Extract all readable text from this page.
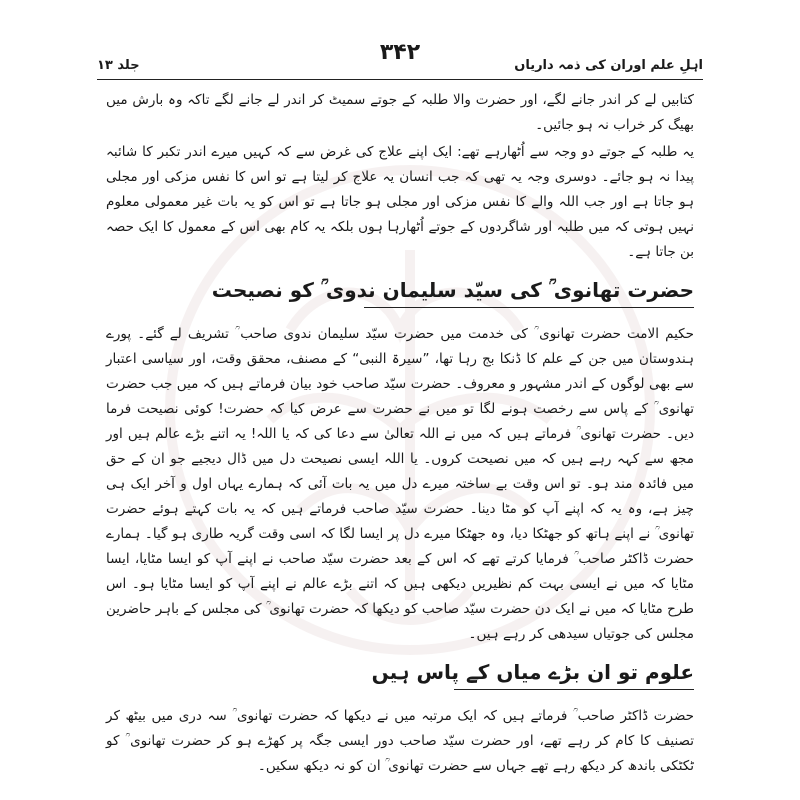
۳۴۲
اہلِ علم اوران کی ذمہ داریاں
جلد ۱۳

کتابیں لے کر اندر جانے لگے، اور حضرت والا طلبہ کے جوتے سمیٹ کر اندر لے جانے لگے تاکہ وہ بارش میں بھیگ کر خراب نہ ہو جائیں۔

یہ طلبہ کے جوتے دو وجہ سے اُٹھارہے تھے: ایک اپنے علاج کی غرض سے کہ کہیں میرے اندر تکبر کا شائبہ پیدا نہ ہو جائے۔ دوسری وجہ یہ تھی کہ جب انسان یہ علاج کر لیتا ہے تو اس کا نفس مزکی اور مجلی ہو جاتا ہے اور جب اللہ والے کا نفس مزکی اور مجلی ہو جاتا ہے تو اس کو یہ بات غیر معمولی معلوم نہیں ہوتی کہ میں طلبہ اور شاگردوں کے جوتے اُٹھارہا ہوں بلکہ یہ کام بھی اس کے معمول کا ایک حصہ بن جاتا ہے۔

حضرت تھانوی ؒ کی سیّد سلیمان ندوی ؒ کو نصیحت

حکیم الامت حضرت تھانوی ؒ کی خدمت میں حضرت سیّد سلیمان ندوی صاحب ؒ تشریف لے گئے۔ پورے ہندوستان میں جن کے علم کا ڈنکا بج رہا تھا، ”سیرۃ النبی“ کے مصنف، محقق وقت، اور سیاسی اعتبار سے بھی لوگوں کے اندر مشہور و معروف۔ حضرت سیّد صاحب خود بیان فرماتے ہیں کہ میں جب حضرت تھانوی ؒ کے پاس سے رخصت ہونے لگا تو میں نے حضرت سے عرض کیا کہ حضرت! کوئی نصیحت فرما دیں۔ حضرت تھانوی ؒ فرماتے ہیں کہ میں نے اللہ تعالیٰ سے دعا کی کہ یا اللہ! یہ اتنے بڑے عالم ہیں اور مجھ سے کہہ رہے ہیں کہ میں نصیحت کروں۔ یا اللہ ایسی نصیحت دل میں ڈال دیجیے جو ان کے حق میں فائدہ مند ہو۔ تو اس وقت بے ساختہ میرے دل میں یہ بات آئی کہ ہمارے یہاں اول و آخر ایک ہی چیز ہے، وہ یہ کہ اپنے آپ کو مٹا دینا۔ حضرت سیّد صاحب فرماتے ہیں کہ یہ بات کہتے ہوئے حضرت تھانوی ؒ نے اپنے ہاتھ کو جھٹکا دیا، وہ جھٹکا میرے دل پر ایسا لگا کہ اسی وقت گریہ طاری ہو گیا۔ ہمارے حضرت ڈاکٹر صاحب ؒ فرمایا کرتے تھے کہ اس کے بعد حضرت سیّد صاحب نے اپنے آپ کو ایسا مٹایا، ایسا مٹایا کہ میں نے ایسی بہت کم نظیریں دیکھی ہیں کہ اتنے بڑے عالم نے اپنے آپ کو ایسا مٹایا ہو۔ اس طرح مٹایا کہ میں نے ایک دن حضرت سیّد صاحب کو دیکھا کہ حضرت تھانوی ؒ کی مجلس کے باہر حاضرین مجلس کی جوتیاں سیدھی کر رہے ہیں۔

علوم تو ان بڑے میاں کے پاس ہیں

حضرت ڈاکٹر صاحب ؒ فرماتے ہیں کہ ایک مرتبہ میں نے دیکھا کہ حضرت تھانوی ؒ سہ دری میں بیٹھ کر تصنیف کا کام کر رہے تھے، اور حضرت سیّد صاحب دور ایسی جگہ پر کھڑے ہو کر حضرت تھانوی ؒ کو ٹکٹکی باندھ کر دیکھ رہے تھے جہاں سے حضرت تھانوی ؒ ان کو نہ دیکھ سکیں۔
